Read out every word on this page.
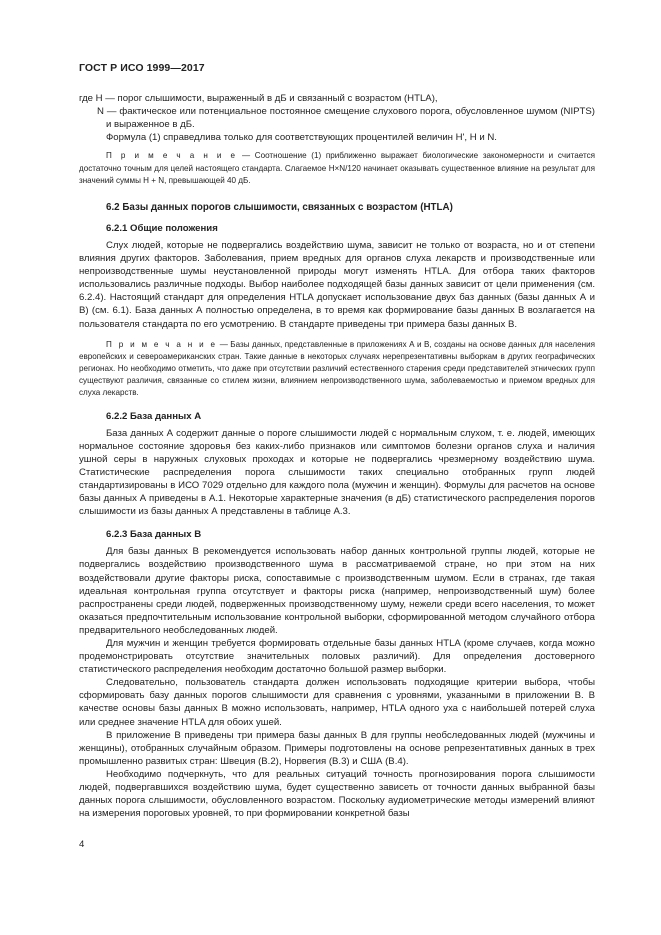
ГОСТ Р ИСО 1999—2017

где H — порог слышимости, выраженный в дБ и связанный с возрастом (HTLA),

N — фактическое или потенциальное постоянное смещение слухового порога, обусловленное шумом (NIPTS) и выраженное в дБ.

Формула (1) справедлива только для соответствующих процентилей величин H', H и N.

П р и м е ч а н и е — Соотношение (1) приближенно выражает биологические закономерности и считается достаточно точным для целей настоящего стандарта. Слагаемое H×N/120 начинает оказывать существенное влияние на результат для значений суммы H + N, превышающей 40 дБ.

6.2 Базы данных порогов слышимости, связанных с возрастом (HTLA)

6.2.1 Общие положения

Слух людей, которые не подвергались воздействию шума, зависит не только от возраста, но и от степени влияния других факторов. Заболевания, прием вредных для органов слуха лекарств и производственные или непроизводственные шумы неустановленной природы могут изменять HTLA. Для отбора таких факторов использовались различные подходы. Выбор наиболее подходящей базы данных зависит от цели применения (см. 6.2.4). Настоящий стандарт для определения HTLA допускает использование двух баз данных (базы данных А и В) (см. 6.1). База данных А полностью определена, в то время как формирование базы данных В возлагается на пользователя стандарта по его усмотрению. В стандарте приведены три примера базы данных В.

П р и м е ч а н и е — Базы данных, представленные в приложениях А и В, созданы на основе данных для населения европейских и североамериканских стран. Такие данные в некоторых случаях нерепрезентативны выборкам в других географических регионах. Но необходимо отметить, что даже при отсутствии различий естественного старения среди представителей этнических групп существуют различия, связанные со стилем жизни, влиянием непроизводственного шума, заболеваемостью и приемом вредных для слуха лекарств.

6.2.2 База данных А

База данных А содержит данные о пороге слышимости людей с нормальным слухом, т. е. людей, имеющих нормальное состояние здоровья без каких-либо признаков или симптомов болезни органов слуха и наличия ушной серы в наружных слуховых проходах и которые не подвергались чрезмерному воздействию шума. Статистические распределения порога слышимости таких специально отобранных групп людей стандартизированы в ИСО 7029 отдельно для каждого пола (мужчин и женщин). Формулы для расчетов на основе базы данных А приведены в А.1. Некоторые характерные значения (в дБ) статистического распределения порогов слышимости из базы данных А представлены в таблице А.3.

6.2.3 База данных В

Для базы данных В рекомендуется использовать набор данных контрольной группы людей, которые не подвергались воздействию производственного шума в рассматриваемой стране, но при этом на них воздействовали другие факторы риска, сопоставимые с производственным шумом. Если в странах, где такая идеальная контрольная группа отсутствует и факторы риска (например, непроизводственный шум) более распространены среди людей, подверженных производственному шуму, нежели среди всего населения, то может оказаться предпочтительным использование контрольной выборки, сформированной методом случайного отбора предварительного необследованных людей.

Для мужчин и женщин требуется формировать отдельные базы данных HTLA (кроме случаев, когда можно продемонстрировать отсутствие значительных половых различий). Для определения достоверного статистического распределения необходим достаточно большой размер выборки.

Следовательно, пользователь стандарта должен использовать подходящие критерии выбора, чтобы сформировать базу данных порогов слышимости для сравнения с уровнями, указанными в приложении В. В качестве основы базы данных В можно использовать, например, HTLA одного уха с наибольшей потерей слуха или среднее значение HTLA для обоих ушей.

В приложение В приведены три примера базы данных В для группы необследованных людей (мужчины и женщины), отобранных случайным образом. Примеры подготовлены на основе репрезентативных данных в трех промышленно развитых стран: Швеция (В.2), Норвегия (В.3) и США (В.4).

Необходимо подчеркнуть, что для реальных ситуаций точность прогнозирования порога слышимости людей, подвергавшихся воздействию шума, будет существенно зависеть от точности данных выбранной базы данных порога слышимости, обусловленного возрастом. Поскольку аудиометрические методы измерений влияют на измерения пороговых уровней, то при формировании конкретной базы

4
